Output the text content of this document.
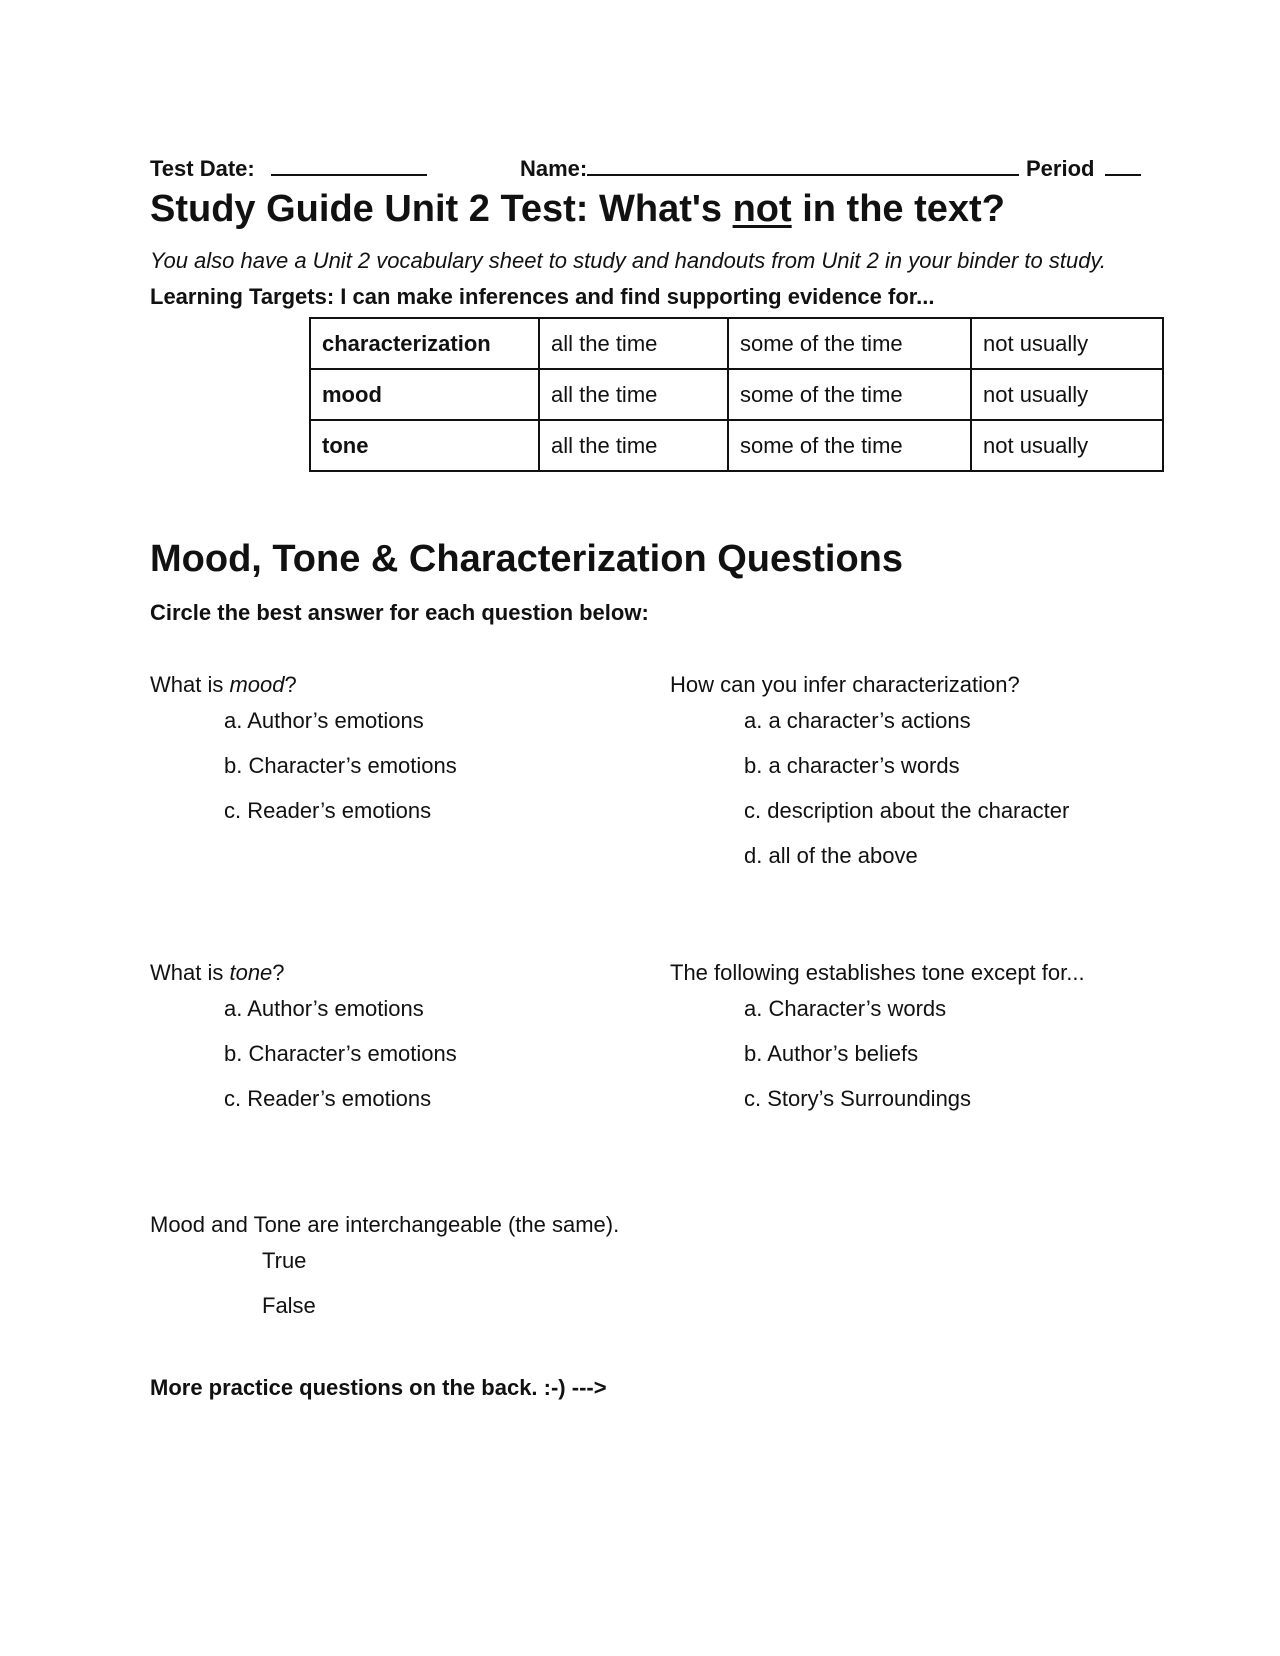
Test Date:	Name:	Period
Study Guide Unit 2 Test: What's not in the text?
You also have a Unit 2 vocabulary sheet to study and handouts from Unit 2 in your binder to study.
Learning Targets: I can make inferences and find supporting evidence for...
characterization	all the time	some of the time	not usually
mood	all the time	some of the time	not usually
tone	all the time	some of the time	not usually
Mood, Tone & Characterization Questions
Circle the best answer for each question below:
What is mood?
a. Author’s emotions
b. Character’s emotions
c. Reader’s emotions
How can you infer characterization?
a. a character’s actions
b. a character’s words
c. description about the character
d. all of the above
What is tone?
a. Author’s emotions
b. Character’s emotions
c. Reader’s emotions
The following establishes tone except for...
a. Character’s words
b. Author’s beliefs
c. Story’s Surroundings
Mood and Tone are interchangeable (the same).
True
False
More practice questions on the back. :-) --->
